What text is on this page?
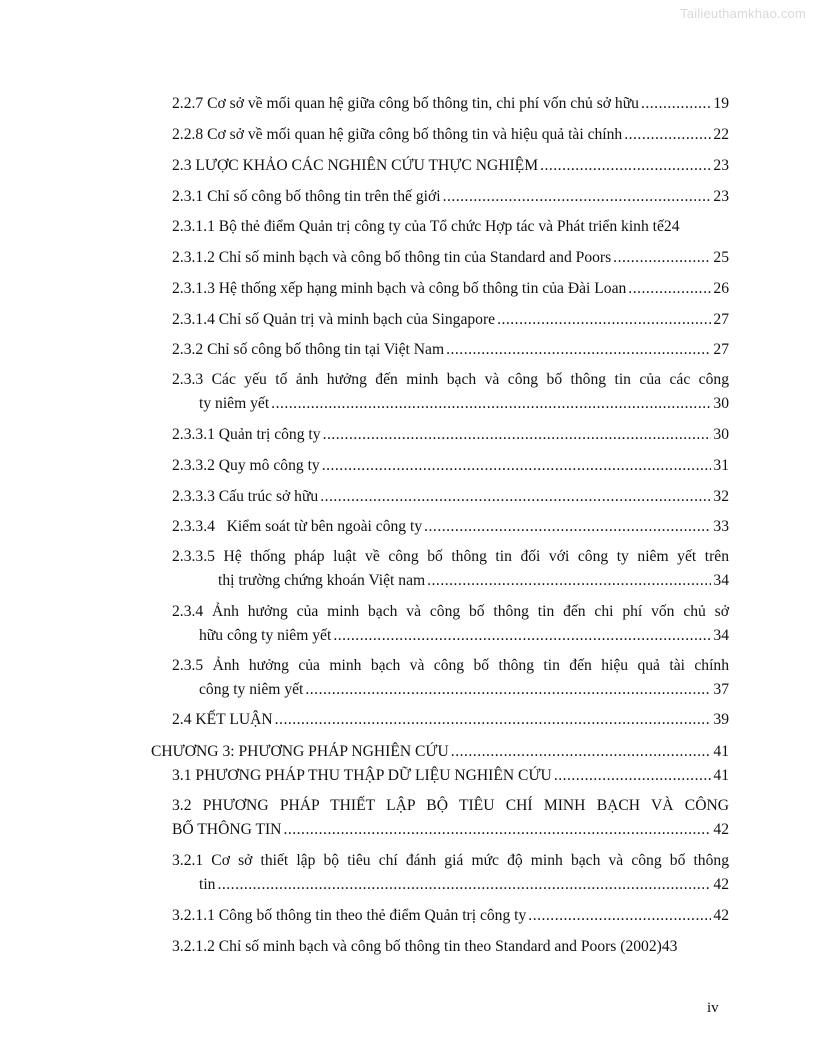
Tailieuthamkhao.com
2.2.7 Cơ sở về mối quan hệ giữa công bố thông tin, chi phí vốn chủ sở hữu .....	19
2.2.8 Cơ sở về mối quan hệ giữa công bố thông tin và hiệu quả tài chính .....	22
2.3 LƯỢC KHẢO CÁC NGHIÊN CỨU THỰC NGHIỆM .....	23
2.3.1 Chỉ số công bố thông tin trên thế giới .....	23
2.3.1.1 Bộ thẻ điểm Quản trị công ty của Tổ chức Hợp tác và Phát triển kinh tế 24
2.3.1.2 Chỉ số minh bạch và công bố thông tin của Standard and Poors .....	25
2.3.1.3 Hệ thống xếp hạng minh bạch và công bố thông tin của Đài Loan .....	26
2.3.1.4 Chỉ số Quản trị và minh bạch của Singapore .....	27
2.3.2 Chỉ số công bố thông tin tại Việt Nam .....	27
2.3.3 Các yếu tố ảnh hưởng đến minh bạch và công bố thông tin của các công
ty niêm yết .....	30
2.3.3.1 Quản trị công ty .....	30
2.3.3.2 Quy mô công ty .....	31
2.3.3.3 Cấu trúc sở hữu .....	32
2.3.3.4   Kiểm soát từ bên ngoài công ty .....	33
2.3.3.5 Hệ thống pháp luật về công bố thông tin đối với công ty niêm yết trên
thị trường chứng khoán Việt nam .....	34
2.3.4 Ảnh hưởng của minh bạch và công bố thông tin đến chi phí vốn chủ sở
hữu công ty niêm yết .....	34
2.3.5 Ảnh hưởng của minh bạch và công bố thông tin đến hiệu quả tài chính
công ty niêm yết .....	37
2.4 KẾT LUẬN .....	39
CHƯƠNG 3: PHƯƠNG PHÁP NGHIÊN CỨU .....	41
3.1 PHƯƠNG PHÁP THU THẬP DỮ LIỆU NGHIÊN CỨU .....	41
3.2 PHƯƠNG PHÁP THIẾT LẬP BỘ TIÊU CHÍ MINH BẠCH VÀ CÔNG
BỐ THÔNG TIN .....	42
3.2.1 Cơ sở thiết lập bộ tiêu chí đánh giá mức độ minh bạch và công bố thông
tin .....	42
3.2.1.1 Công bố thông tin theo thẻ điểm Quản trị công ty .....	42
3.2.1.2 Chỉ số minh bạch và công bố thông tin theo Standard and Poors (2002) 43
iv
